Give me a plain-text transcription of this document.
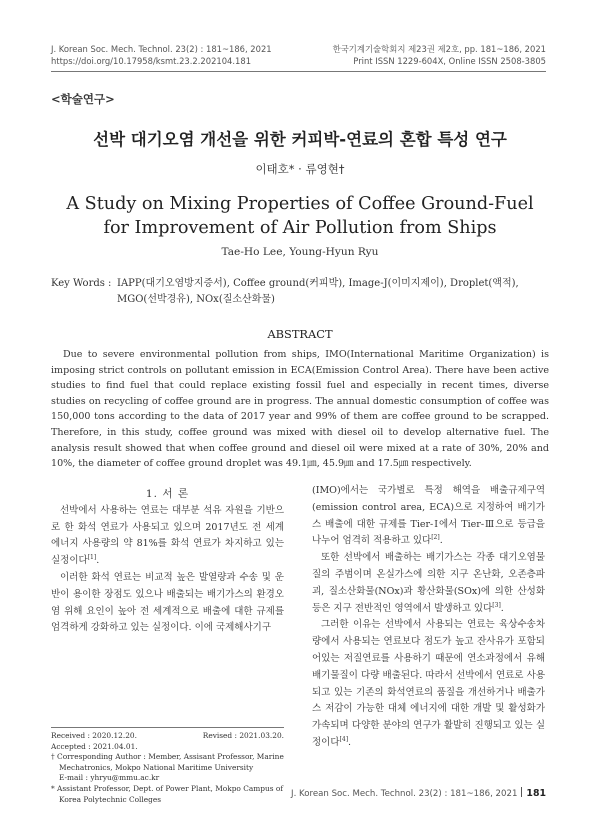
J. Korean Soc. Mech. Technol. 23(2) : 181~186, 2021
https://doi.org/10.17958/ksmt.23.2.202104.181
한국기계기술학회지 제23권 제2호, pp. 181~186, 2021
Print ISSN 1229-604X, Online ISSN 2508-3805
<학술연구>
선박 대기오염 개선을 위한 커피박-연료의 혼합 특성 연구
이태호* · 류영현†
A Study on Mixing Properties of Coffee Ground-Fuel for Improvement of Air Pollution from Ships
Tae-Ho Lee, Young-Hyun Ryu
Key Words : IAPP(대기오염방지증서), Coffee ground(커피박), Image-J(이미지제이), Droplet(액적), MGO(선박경유), NOx(질소산화물)
ABSTRACT
Due to severe environmental pollution from ships, IMO(International Maritime Organization) is imposing strict controls on pollutant emission in ECA(Emission Control Area). There have been active studies to find fuel that could replace existing fossil fuel and especially in recent times, diverse studies on recycling of coffee ground are in progress. The annual domestic consumption of coffee was 150,000 tons according to the data of 2017 year and 99% of them are coffee ground to be scrapped. Therefore, in this study, coffee ground was mixed with diesel oil to develop alternative fuel. The analysis result showed that when coffee ground and diesel oil were mixed at a rate of 30%, 20% and 10%, the diameter of coffee ground droplet was 49.1㎛, 45.9㎛ and 17.5㎛ respectively.

1. 서 론

선박에서 사용하는 연료는 대부분 석유 자원을 기반으로 한 화석 연료가 사용되고 있으며 2017년도 전 세계 에너지 사용량의 약 81%를 화석 연료가 차지하고 있는 실정이다[1].

이러한 화석 연료는 비교적 높은 발열량과 수송 및 운반이 용이한 장점도 있으나 배출되는 배기가스의 환경오염 위해 요인이 높아 전 세계적으로 배출에 대한 규제를 엄격하게 강화하고 있는 실정이다. 이에 국제해사기구

(IMO)에서는 국가별로 특정 해역을 배출규제구역(emission control area, ECA)으로 지정하여 배기가스 배출에 대한 규제를 Tier-Ⅰ에서 Tier-Ⅲ으로 등급을 나누어 엄격히 적용하고 있다[2].

또한 선박에서 배출하는 배기가스는 각종 대기오염물질의 주범이며 온실가스에 의한 지구 온난화, 오존층파괴, 질소산화물(NOx)과 황산화물(SOx)에 의한 산성화 등은 지구 전반적인 영역에서 발생하고 있다[3].

그러한 이유는 선박에서 사용되는 연료는 육상수송차량에서 사용되는 연료보다 점도가 높고 잔사유가 포함되어있는 저질연료를 사용하기 때문에 연소과정에서 유해배기물질이 다량 배출된다. 따라서 선박에서 연료로 사용되고 있는 기존의 화석연료의 품질을 개선하거나 배출가스 저감이 가능한 대체 에너지에 대한 개발 및 활성화가 가속되며 다양한 분야의 연구가 활발히 진행되고 있는 실정이다[4].

Received : 2020.12.20.	Revised : 2021.03.20.
Accepted : 2021.04.01.
† Corresponding Author : Member, Assisant Professor, Marine Mechatronics, Mokpo National Maritime University
E-mail : yhryu@mmu.ac.kr
* Assistant Professor, Dept. of Power Plant, Mokpo Campus of Korea Polytechnic Colleges
J. Korean Soc. Mech. Technol. 23(2) : 181~186, 2021 181
